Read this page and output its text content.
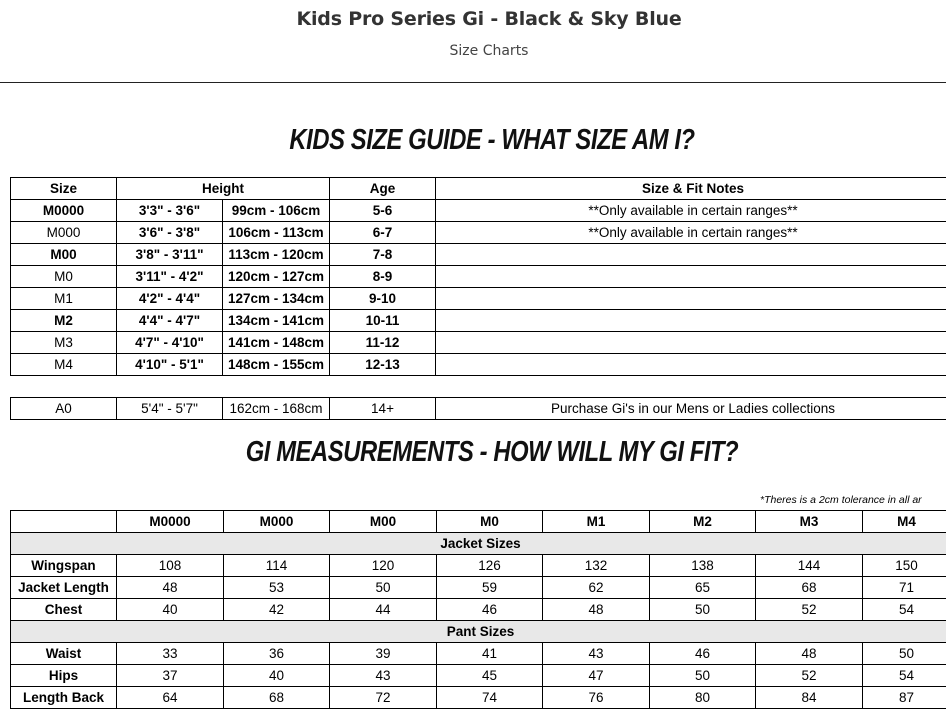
Kids Pro Series Gi - Black & Sky Blue
Size Charts
KIDS SIZE GUIDE - WHAT SIZE AM I?
Size	Height		Age	Size & Fit Notes
M0000	3'3" - 3'6"	99cm - 106cm	5-6	**Only available in certain ranges**
M000	3'6" - 3'8"	106cm - 113cm	6-7	**Only available in certain ranges**
M00	3'8" - 3'11"	113cm - 120cm	7-8	
M0	3'11" - 4'2"	120cm - 127cm	8-9	
M1	4'2" - 4'4"	127cm - 134cm	9-10	
M2	4'4" - 4'7"	134cm - 141cm	10-11	
M3	4'7" - 4'10"	141cm - 148cm	11-12	
M4	4'10" - 5'1"	148cm - 155cm	12-13	
A0	5'4" - 5'7"	162cm - 168cm	14+	Purchase Gi's in our Mens or Ladies collections
GI MEASUREMENTS - HOW WILL MY GI FIT?
*Theres is a 2cm tolerance in all ar
	M0000	M000	M00	M0	M1	M2	M3	M4
Jacket Sizes								
Wingspan	108	114	120	126	132	138	144	150
Jacket Length	48	53	50	59	62	65	68	71
Chest	40	42	44	46	48	50	52	54
Pant Sizes								
Waist	33	36	39	41	43	46	48	50
Hips	37	40	43	45	47	50	52	54
Length Back	64	68	72	74	76	80	84	87
